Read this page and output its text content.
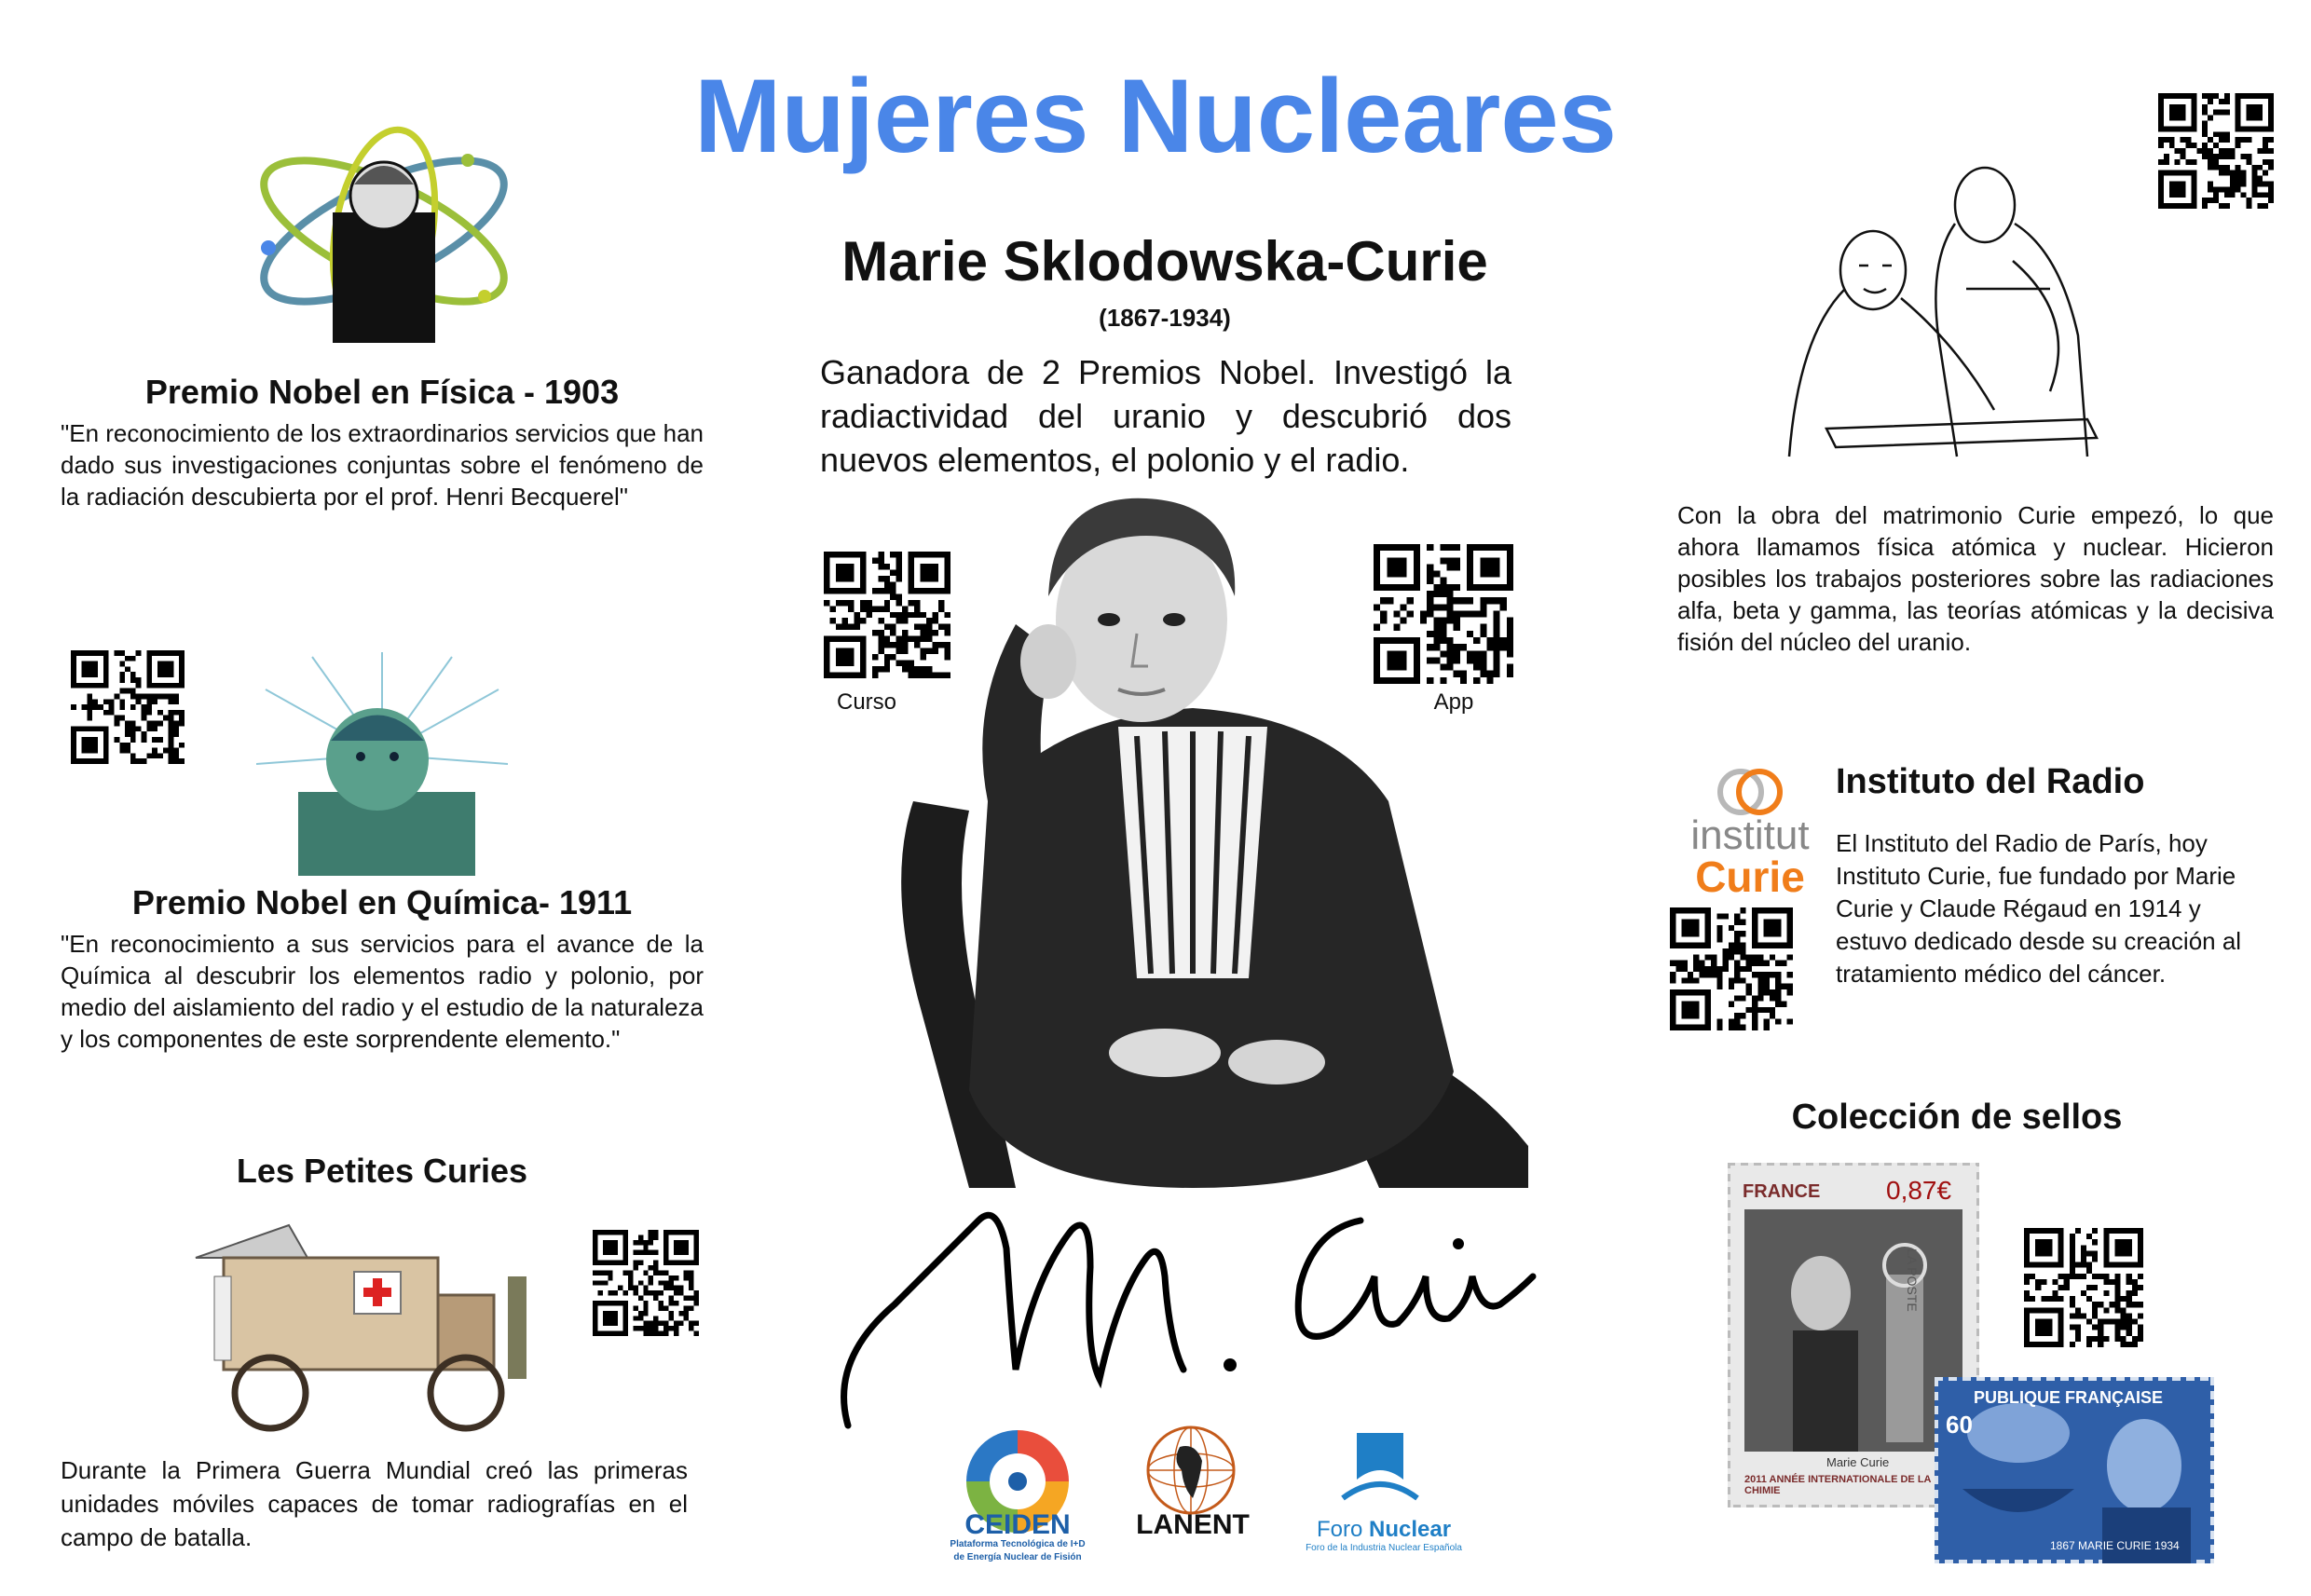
Mujeres Nucleares
Premio Nobel en Física - 1903
"En reconocimiento de los extraordinarios servicios que han dado sus investigaciones conjuntas sobre el fenómeno de la radiación descubierta por el prof. Henri Becquerel"
Premio Nobel en Química- 1911
"En reconocimiento a sus servicios para el avance de la Química al descubrir los elementos radio y polonio, por medio del aislamiento del radio y el estudio de la naturaleza y los componentes de este sorprendente elemento."
Les Petites Curies
Durante la Primera Guerra Mundial creó las primeras unidades móviles capaces de tomar radiografías en el campo de batalla.
Marie Sklodowska-Curie
(1867-1934)
Ganadora de 2 Premios Nobel. Investigó la radiactividad del uranio y descubrió dos nuevos elementos, el polonio y el radio.
Curso	App
CEIDEN
Plataforma Tecnológica de I+D
de Energía Nuclear de Fisión
LANENT	Foro Nuclear
Foro de la Industria Nuclear Española
Con la obra del matrimonio Curie empezó, lo que ahora llamamos física atómica y nuclear. Hicieron posibles los trabajos posteriores sobre las radiaciones alfa, beta y gamma, las teorías atómicas y la decisiva fisión del núcleo del uranio.
institut
Curie
Instituto del Radio
El Instituto del Radio de París, hoy Instituto Curie, fue fundado por Marie Curie y Claude Régaud en 1914 y estuvo dedicado desde su creación al tratamiento médico del cáncer.
Colección de sellos
FRANCE	0,87€
LA POSTE
Marie Curie
2011 ANNÉE INTERNATIONALE DE LA CHIMIE
PUBLIQUE FRANÇAISE
60
1867 MARIE CURIE 1934
